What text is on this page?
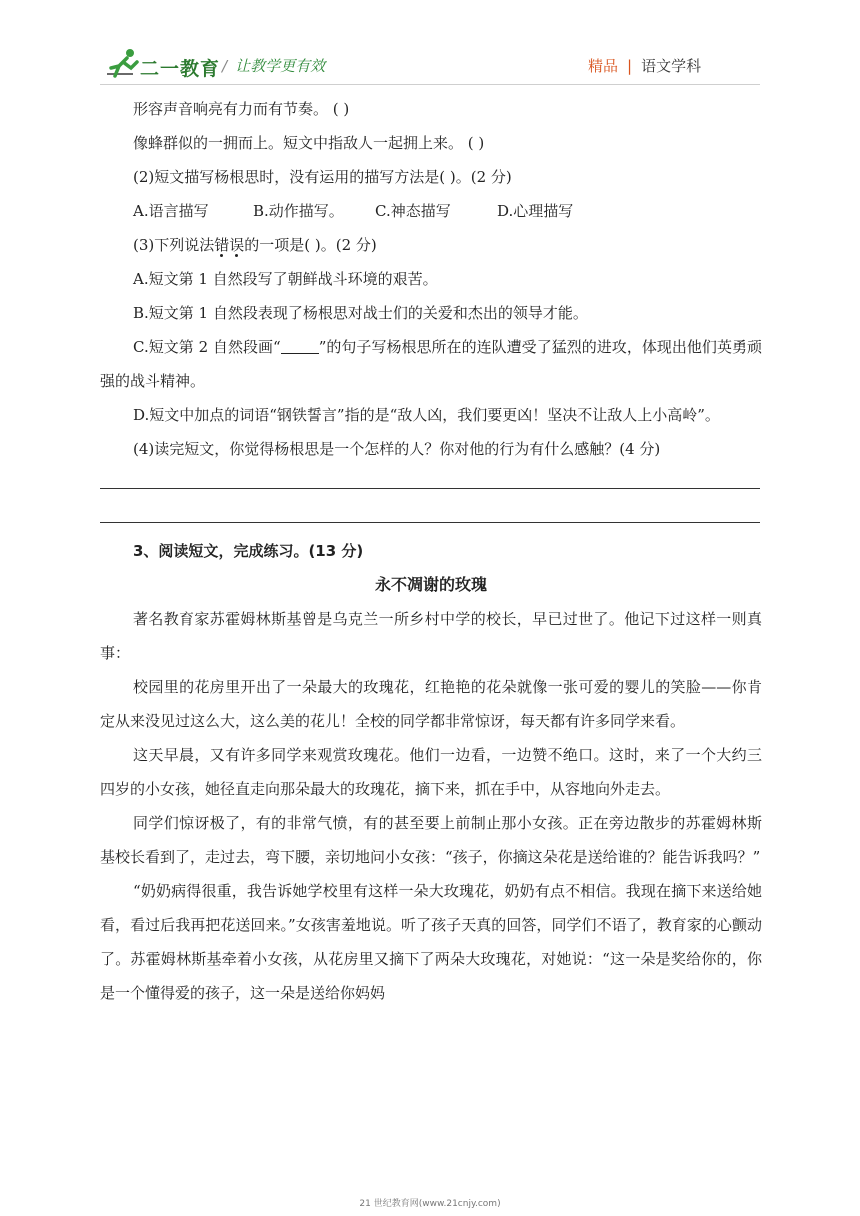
二一教育 / 让教学更有效	精品 | 语文学科

形容声音响亮有力而有节奏。 ( )

像蜂群似的一拥而上。短文中指敌人一起拥上来。 ( )

(2)短文描写杨根思时，没有运用的描写方法是( )。(2 分)

A.语言描写	B.动作描写。 C.神态描写	D.心理描写

(3)下列说法错误的一项是( )。(2 分)

A.短文第 1 自然段写了朝鲜战斗环境的艰苦。

B.短文第 1 自然段表现了杨根思对战士们的关爱和杰出的领导才能。

C.短文第 2 自然段画“	”的句子写杨根思所在的连队遭受了猛烈的进攻，体现出他们英勇顽强的战斗精神。

D.短文中加点的词语“钢铁誓言”指的是“敌人凶，我们要更凶！坚决不让敌人上小高岭”。

(4)读完短文，你觉得杨根思是一个怎样的人？你对他的行为有什么感触？(4 分)

3、阅读短文，完成练习。(13 分)

永不凋谢的玫瑰

著名教育家苏霍姆林斯基曾是乌克兰一所乡村中学的校长，早已过世了。他记下过这样一则真事：

校园里的花房里开出了一朵最大的玫瑰花，红艳艳的花朵就像一张可爱的婴儿的笑脸——你肯定从来没见过这么大，这么美的花儿！全校的同学都非常惊讶，每天都有许多同学来看。

这天早晨，又有许多同学来观赏玫瑰花。他们一边看，一边赞不绝口。这时，来了一个大约三四岁的小女孩，她径直走向那朵最大的玫瑰花，摘下来，抓在手中，从容地向外走去。

同学们惊讶极了，有的非常气愤，有的甚至要上前制止那小女孩。正在旁边散步的苏霍姆林斯基校长看到了，走过去，弯下腰，亲切地问小女孩：“孩子，你摘这朵花是送给谁的？能告诉我吗？”

“奶奶病得很重，我告诉她学校里有这样一朵大玫瑰花，奶奶有点不相信。我现在摘下来送给她看，看过后我再把花送回来。”女孩害羞地说。听了孩子天真的回答，同学们不语了，教育家的心颤动了。苏霍姆林斯基牵着小女孩，从花房里又摘下了两朵大玫瑰花，对她说：“这一朵是奖给你的，你是一个懂得爱的孩子，这一朵是送给你妈妈

21 世纪教育网(www.21cnjy.com)
